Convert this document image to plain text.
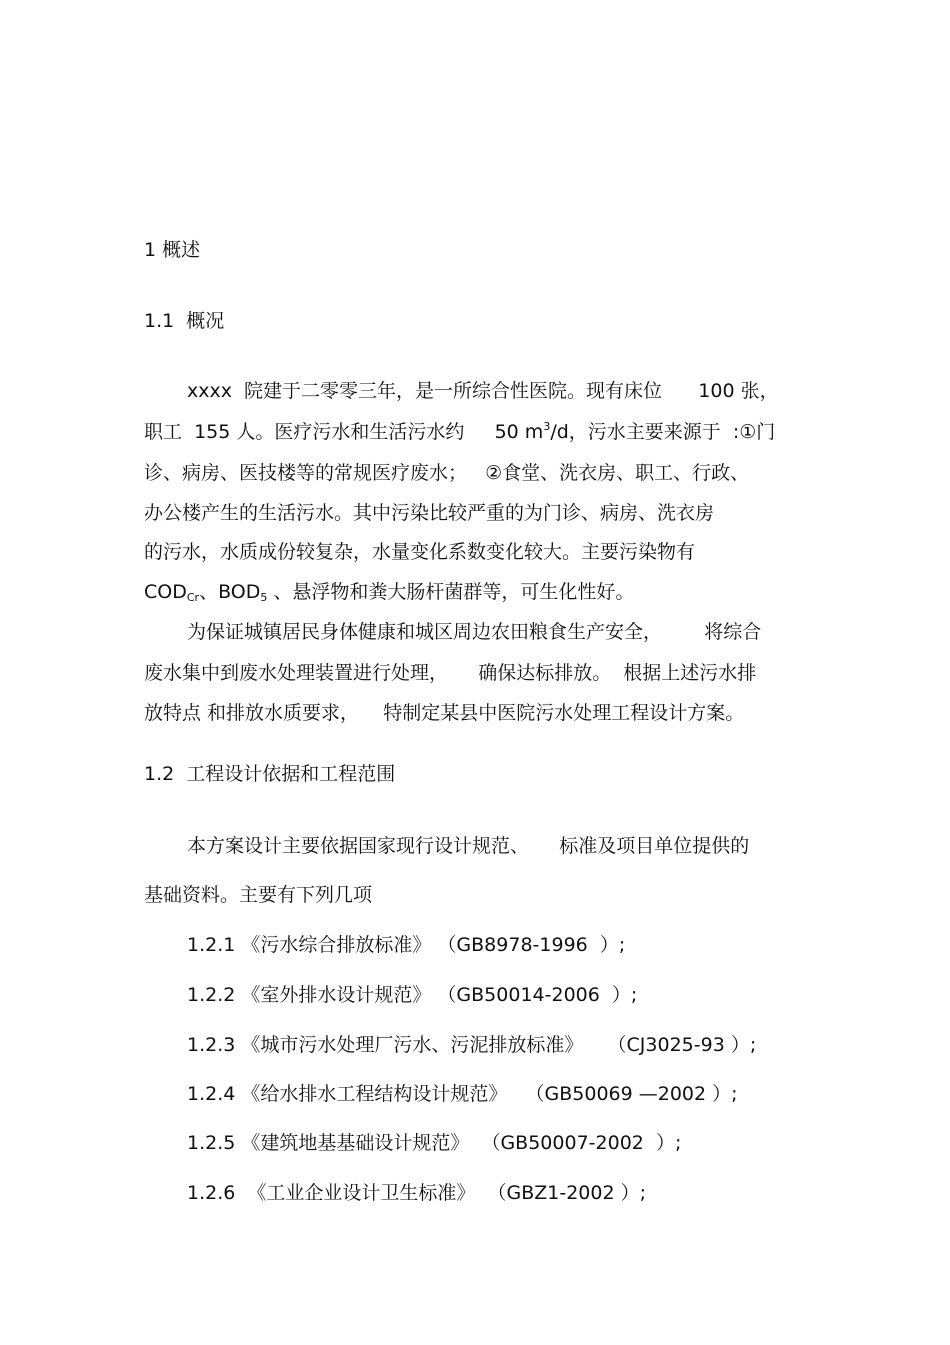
1 概述
1.1  概况
xxxx  院建于二零零三年，是一所综合性医院。现有床位      100 张，
职工  155 人。医疗污水和生活污水约     50 $m^3/d$，污水主要来源于  :①门
诊、病房、医技楼等的常规医疗废水；   ②食堂、洗衣房、职工、行政、
办公楼产生的生活污水。其中污染比较严重的为门诊、病房、洗衣房
的污水，水质成份较复杂，水量变化系数变化较大。主要污染物有
$COD_{Cr}$、$BOD_5$ 、悬浮物和粪大肠杆菌群等，可生化性好。
为保证城镇居民身体健康和城区周边农田粮食生产安全，       将综合
废水集中到废水处理装置进行处理，     确保达标排放。  根据上述污水排
放特点 和排放水质要求，    特制定某县中医院污水处理工程设计方案。
1.2  工程设计依据和工程范围
本方案设计主要依据国家现行设计规范、     标准及项目单位提供的
基础资料。主要有下列几项
1.2.1 《污水综合排放标准》 （GB8978-1996  ）;
1.2.2 《室外排水设计规范》 （GB50014-2006  ）;
1.2.3 《城市污水处理厂污水、污泥排放标准》    （CJ3025-93 ）;
1.2.4 《给水排水工程结构设计规范》   （GB50069 —2002 ）;
1.2.5 《建筑地基基础设计规范》  （GB50007-2002  ）;
1.2.6  《工业企业设计卫生标准》  （GBZ1-2002 ）;
